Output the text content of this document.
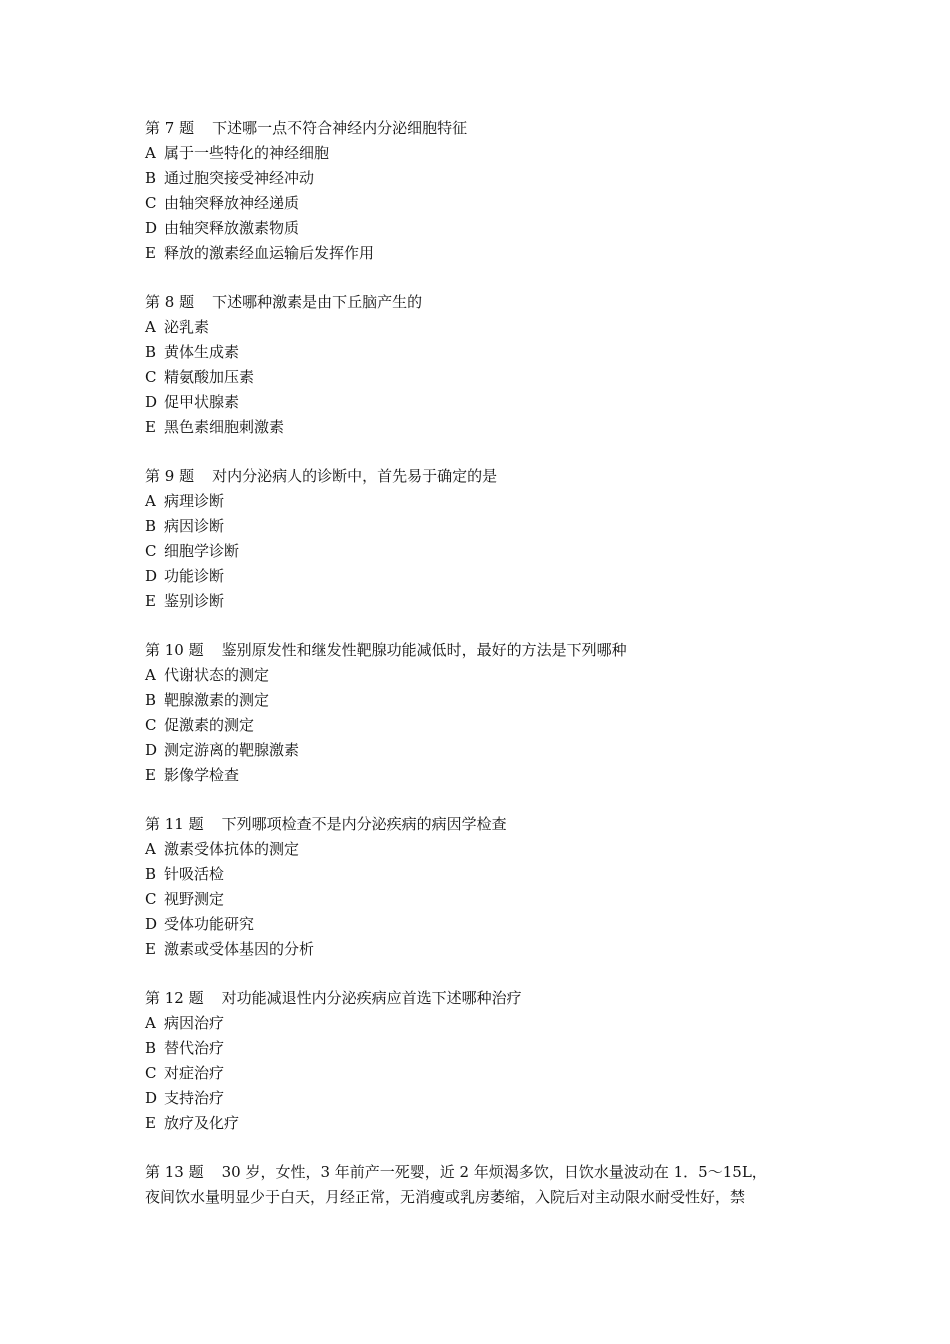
第 7 题 下述哪一点不符合神经内分泌细胞特征
A 属于一些特化的神经细胞
B 通过胞突接受神经冲动
C 由轴突释放神经递质
D 由轴突释放激素物质
E 释放的激素经血运输后发挥作用
第 8 题 下述哪种激素是由下丘脑产生的
A 泌乳素
B 黄体生成素
C 精氨酸加压素
D 促甲状腺素
E 黑色素细胞刺激素
第 9 题 对内分泌病人的诊断中，首先易于确定的是
A 病理诊断
B 病因诊断
C 细胞学诊断
D 功能诊断
E 鉴别诊断
第 10 题 鉴别原发性和继发性靶腺功能减低时，最好的方法是下列哪种
A 代谢状态的测定
B 靶腺激素的测定
C 促激素的测定
D 测定游离的靶腺激素
E 影像学检查
第 11 题 下列哪项检查不是内分泌疾病的病因学检查
A 激素受体抗体的测定
B 针吸活检
C 视野测定
D 受体功能研究
E 激素或受体基因的分析
第 12 题 对功能减退性内分泌疾病应首选下述哪种治疗
A 病因治疗
B 替代治疗
C 对症治疗
D 支持治疗
E 放疗及化疗
第 13 题 30 岁，女性，3 年前产一死婴，近 2 年烦渴多饮，日饮水量波动在 1．5～15L，
夜间饮水量明显少于白天，月经正常，无消瘦或乳房萎缩，入院后对主动限水耐受性好，禁
